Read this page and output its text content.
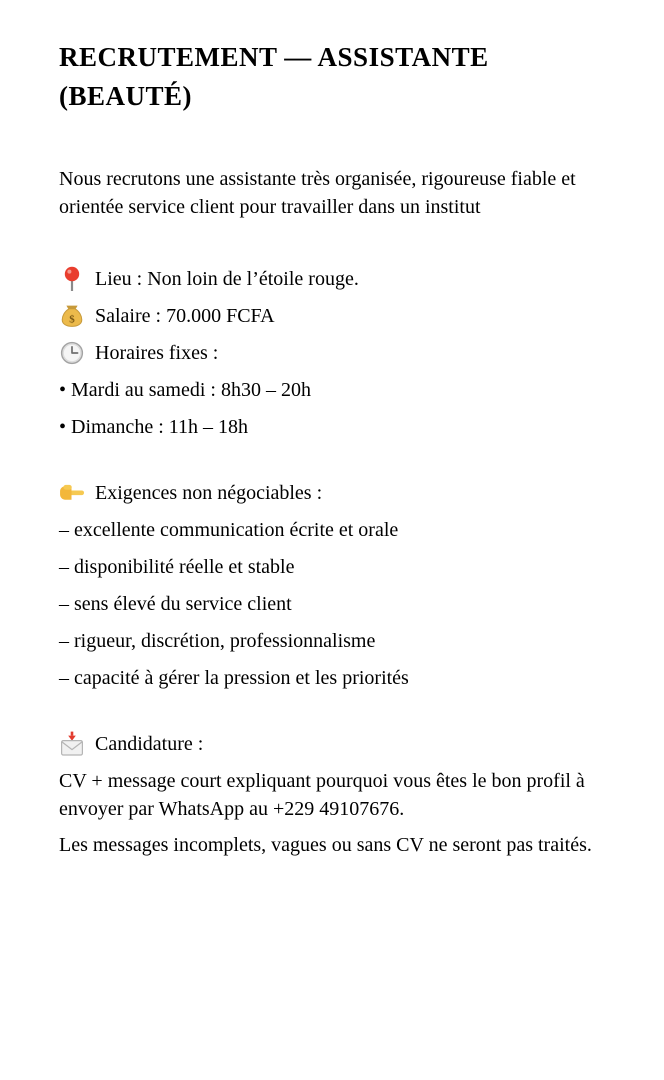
RECRUTEMENT — ASSISTANTE (BEAUTÉ)

Nous recrutons une assistante très organisée, rigoureuse fiable et orientée service client pour travailler dans un institut

Lieu : Non loin de l’étoile rouge.
$ Salaire : 70.000 FCFA
Horaires fixes :

• Mardi au samedi : 8h30 – 20h

• Dimanche : 11h – 18h

Exigences non négociables :

– excellente communication écrite et orale

– disponibilité réelle et stable

– sens élevé du service client

– rigueur, discrétion, professionnalisme

– capacité à gérer la pression et les priorités

Candidature :

CV + message court expliquant pourquoi vous êtes le bon profil à envoyer par WhatsApp au +229 49107676.

Les messages incomplets, vagues ou sans CV ne seront pas traités.
